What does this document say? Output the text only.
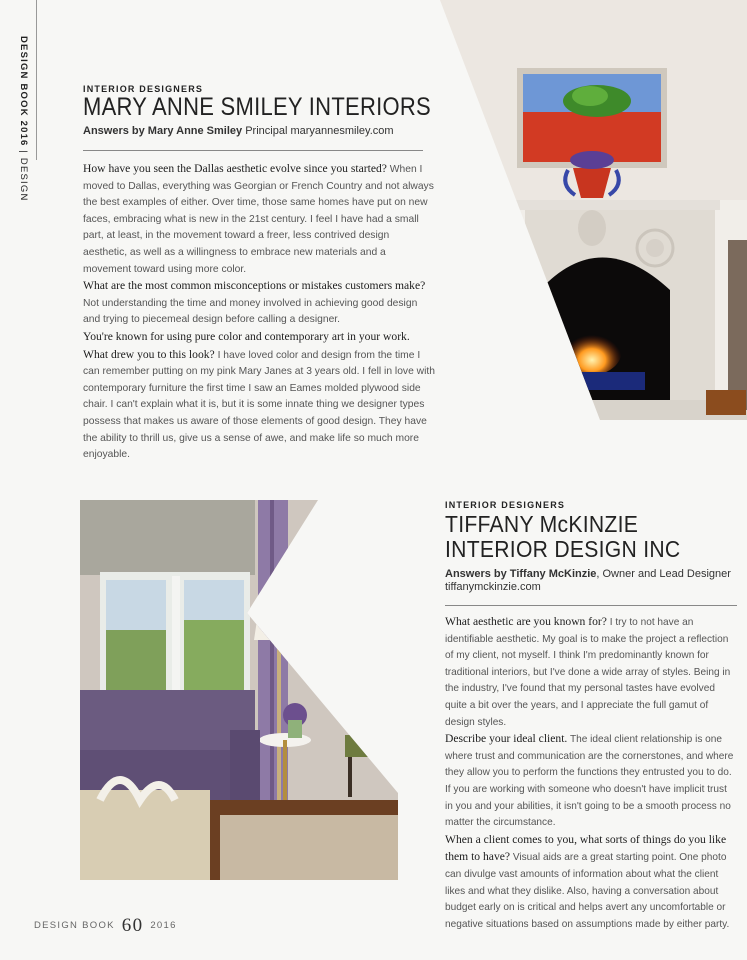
DESIGN BOOK 2016 | DESIGN
INTERIOR DESIGNERS
MARY ANNE SMILEY INTERIORS
Answers by Mary Anne Smiley Principal maryannesmiley.com
How have you seen the Dallas aesthetic evolve since you started? When I moved to Dallas, everything was Georgian or French Country and not always the best examples of either. Over time, those same homes have put on new faces, embracing what is new in the 21st century. I feel I have had a small part, at least, in the movement toward a freer, less contrived design aesthetic, as well as a willingness to embrace new materials and a movement toward using more color.
What are the most common misconceptions or mistakes customers make? Not understanding the time and money involved in achieving good design and trying to piecemeal design before calling a designer.
You're known for using pure color and contemporary art in your work. What drew you to this look? I have loved color and design from the time I can remember putting on my pink Mary Janes at 3 years old. I fell in love with contemporary furniture the first time I saw an Eames molded plywood side chair. I can't explain what it is, but it is some innate thing we designer types possess that makes us aware of those elements of good design. They have the ability to thrill us, give us a sense of awe, and make life so much more enjoyable.
INTERIOR DESIGNERS
TIFFANY McKINZIE
INTERIOR DESIGN INC
Answers by Tiffany McKinzie, Owner and Lead Designer
tiffanymckinzie.com
What aesthetic are you known for? I try to not have an identifiable aesthetic. My goal is to make the project a reflection of my client, not myself. I think I'm predominantly known for traditional interiors, but I've done a wide array of styles. Being in the industry, I've found that my personal tastes have evolved quite a bit over the years, and I appreciate the full gamut of design styles.
Describe your ideal client. The ideal client relationship is one where trust and communication are the cornerstones, and where they allow you to perform the functions they entrusted you to do. If you are working with someone who doesn't have implicit trust in you and your abilities, it isn't going to be a smooth process no matter the circumstance.
When a client comes to you, what sorts of things do you like them to have? Visual aids are a great starting point. One photo can divulge vast amounts of information about what the client likes and what they dislike. Also, having a conversation about budget early on is critical and helps avert any uncomfortable or negative situations based on assumptions made by either party.
DESIGN BOOK 60 2016
